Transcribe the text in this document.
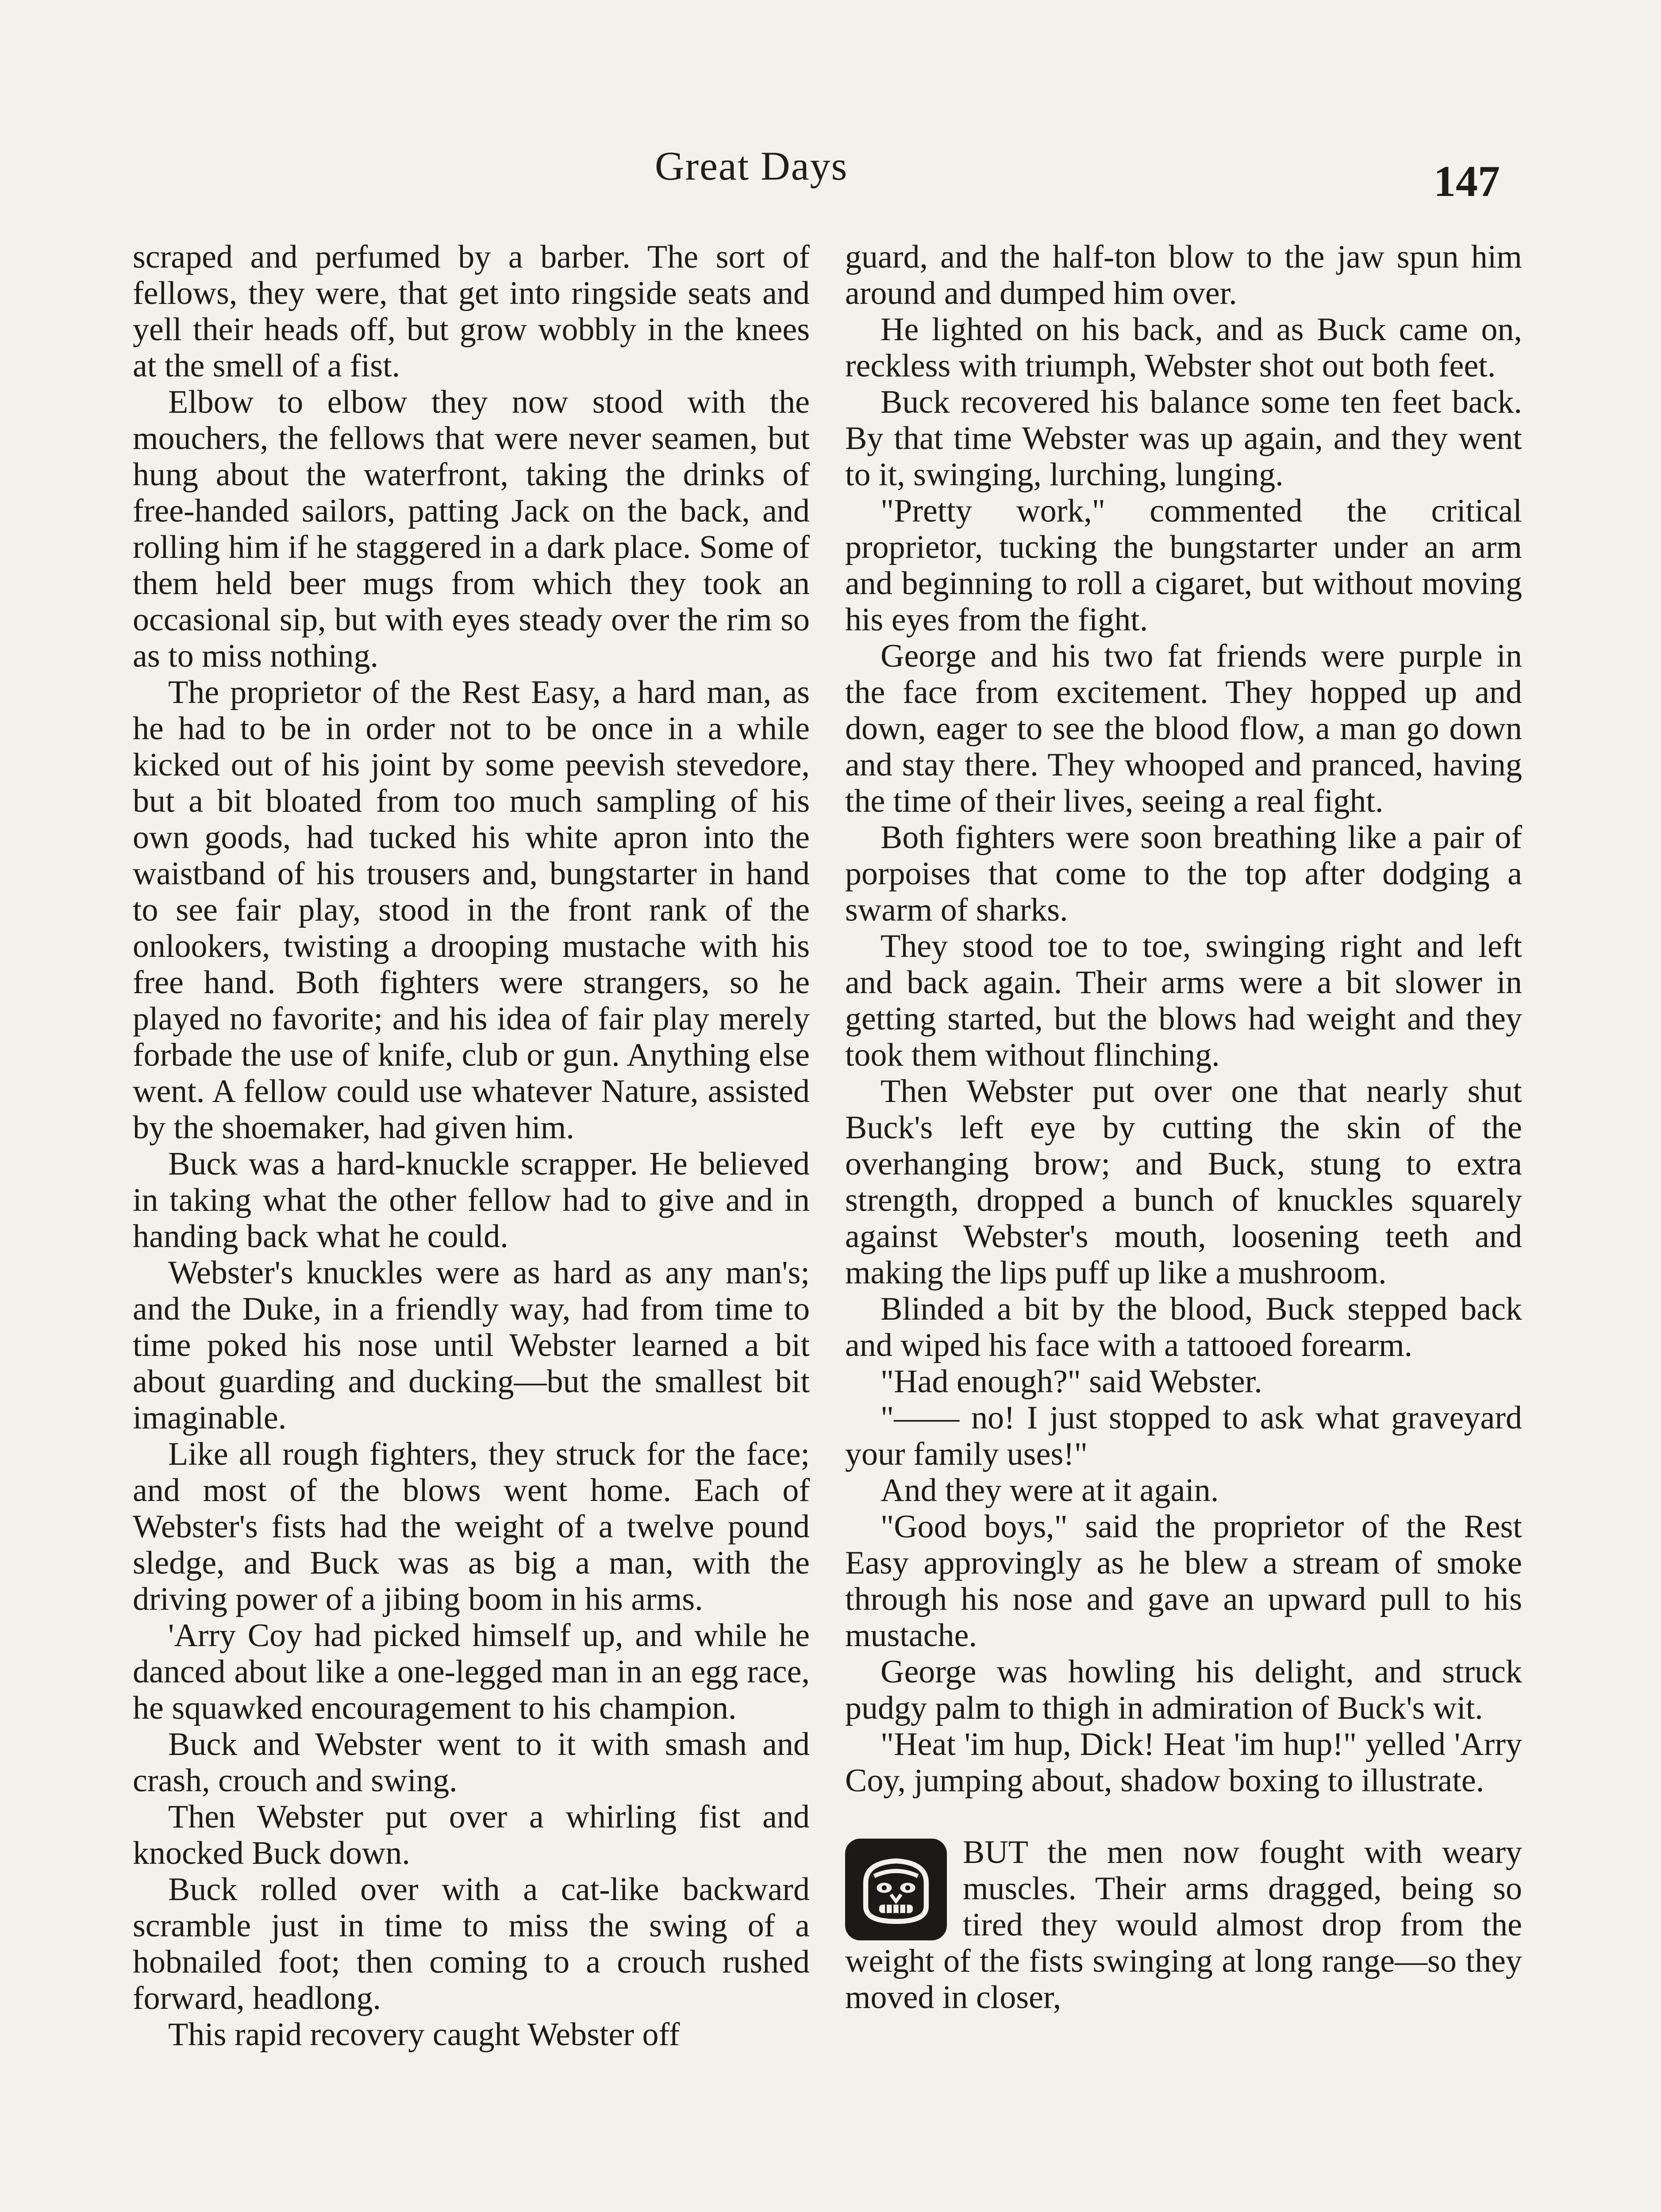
Great Days	147

scraped and perfumed by a barber. The sort of fellows, they were, that get into ringside seats and yell their heads off, but grow wobbly in the knees at the smell of a fist.

Elbow to elbow they now stood with the mouchers, the fellows that were never seamen, but hung about the waterfront, taking the drinks of free-handed sailors, patting Jack on the back, and rolling him if he staggered in a dark place. Some of them held beer mugs from which they took an occasional sip, but with eyes steady over the rim so as to miss nothing.

The proprietor of the Rest Easy, a hard man, as he had to be in order not to be once in a while kicked out of his joint by some peevish stevedore, but a bit bloated from too much sampling of his own goods, had tucked his white apron into the waistband of his trousers and, bungstarter in hand to see fair play, stood in the front rank of the onlookers, twisting a drooping mustache with his free hand. Both fighters were strangers, so he played no favorite; and his idea of fair play merely forbade the use of knife, club or gun. Anything else went. A fellow could use whatever Nature, assisted by the shoemaker, had given him.

Buck was a hard-knuckle scrapper. He believed in taking what the other fellow had to give and in handing back what he could.

Webster's knuckles were as hard as any man's; and the Duke, in a friendly way, had from time to time poked his nose until Webster learned a bit about guarding and ducking—but the smallest bit imaginable.

Like all rough fighters, they struck for the face; and most of the blows went home. Each of Webster's fists had the weight of a twelve pound sledge, and Buck was as big a man, with the driving power of a jibing boom in his arms.

'Arry Coy had picked himself up, and while he danced about like a one-legged man in an egg race, he squawked encouragement to his champion.

Buck and Webster went to it with smash and crash, crouch and swing.

Then Webster put over a whirling fist and knocked Buck down.

Buck rolled over with a cat-like backward scramble just in time to miss the swing of a hobnailed foot; then coming to a crouch rushed forward, headlong.

This rapid recovery caught Webster off

guard, and the half-ton blow to the jaw spun him around and dumped him over.

He lighted on his back, and as Buck came on, reckless with triumph, Webster shot out both feet.

Buck recovered his balance some ten feet back. By that time Webster was up again, and they went to it, swinging, lurching, lunging.

"Pretty work," commented the critical proprietor, tucking the bungstarter under an arm and beginning to roll a cigaret, but without moving his eyes from the fight.

George and his two fat friends were purple in the face from excitement. They hopped up and down, eager to see the blood flow, a man go down and stay there. They whooped and pranced, having the time of their lives, seeing a real fight.

Both fighters were soon breathing like a pair of porpoises that come to the top after dodging a swarm of sharks.

They stood toe to toe, swinging right and left and back again. Their arms were a bit slower in getting started, but the blows had weight and they took them without flinching.

Then Webster put over one that nearly shut Buck's left eye by cutting the skin of the overhanging brow; and Buck, stung to extra strength, dropped a bunch of knuckles squarely against Webster's mouth, loosening teeth and making the lips puff up like a mushroom.

Blinded a bit by the blood, Buck stepped back and wiped his face with a tattooed forearm.

"Had enough?" said Webster.

"—— no! I just stopped to ask what graveyard your family uses!"

And they were at it again.

"Good boys," said the proprietor of the Rest Easy approvingly as he blew a stream of smoke through his nose and gave an upward pull to his mustache.

George was howling his delight, and struck pudgy palm to thigh in admiration of Buck's wit.

"Heat 'im hup, Dick! Heat 'im hup!" yelled 'Arry Coy, jumping about, shadow boxing to illustrate.

BUT the men now fought with weary muscles. Their arms dragged, being so tired they would almost drop from the weight of the fists swinging at long range—so they moved in closer,
